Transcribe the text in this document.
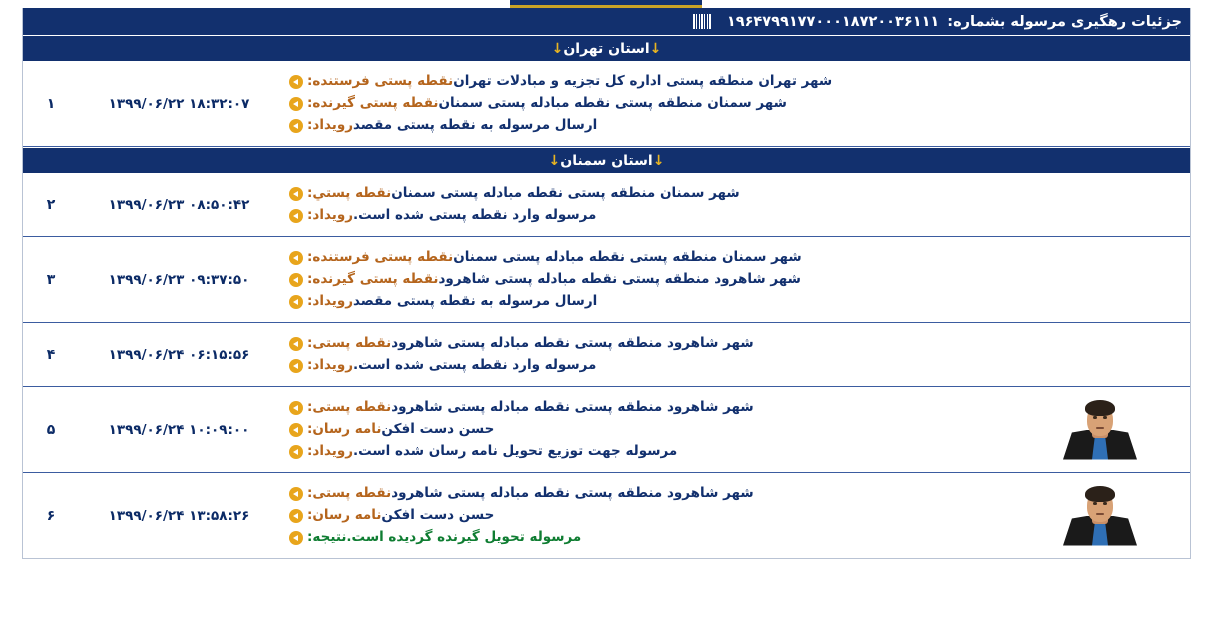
جزئیات رهگیری مرسوله بشماره:
۱۹۶۴۷۹۹۱۷۷۰۰۰۱۸۷۲۰۰۳۶۱۱۱
↓استان تهران↓

نقطه پستی فرستنده: شهر تهران منطقه پستی اداره کل تجزیه و مبادلات تهران
نقطه پستی گیرنده: شهر سمنان منطقه پستی نقطه مبادله پستی سمنان
رویداد: ارسال مرسوله به نقطه پستی مقصد
	۱۸:۳۲:۰۷ ۱۳۹۹/۰۶/۲۲	۱
↓استان سمنان↓

	نقطه پستي: شهر سمنان منطقه پستی نقطه مبادله پستی سمنان
رویداد: مرسوله وارد نقطه پستی شده است.	۰۸:۵۰:۴۲ ۱۳۹۹/۰۶/۲۳	۲

نقطه پستی فرستنده: شهر سمنان منطقه پستی نقطه مبادله پستی سمنان
نقطه پستی گیرنده: شهر شاهرود منطقه پستی نقطه مبادله پستی شاهرود
رویداد: ارسال مرسوله به نقطه پستی مقصد
	۰۹:۳۷:۵۰ ۱۳۹۹/۰۶/۲۳	۳

	نقطه پستی: شهر شاهرود منطقه پستی نقطه مبادله پستی شاهرود
رویداد: مرسوله وارد نقطه پستی شده است.	۰۶:۱۵:۵۶ ۱۳۹۹/۰۶/۲۴	۴

نقطه پستی: شهر شاهرود منطقه پستی نقطه مبادله پستی شاهرود
نامه رسان: حسن دست افکن
رویداد: مرسوله جهت توزیع تحویل نامه رسان شده است.
	۱۰:۰۹:۰۰ ۱۳۹۹/۰۶/۲۴	۵

نقطه پستی: شهر شاهرود منطقه پستی نقطه مبادله پستی شاهرود
نامه رسان: حسن دست افکن
نتیجه: مرسوله تحویل گیرنده گردیده است.
	۱۳:۵۸:۲۶ ۱۳۹۹/۰۶/۲۴	۶
